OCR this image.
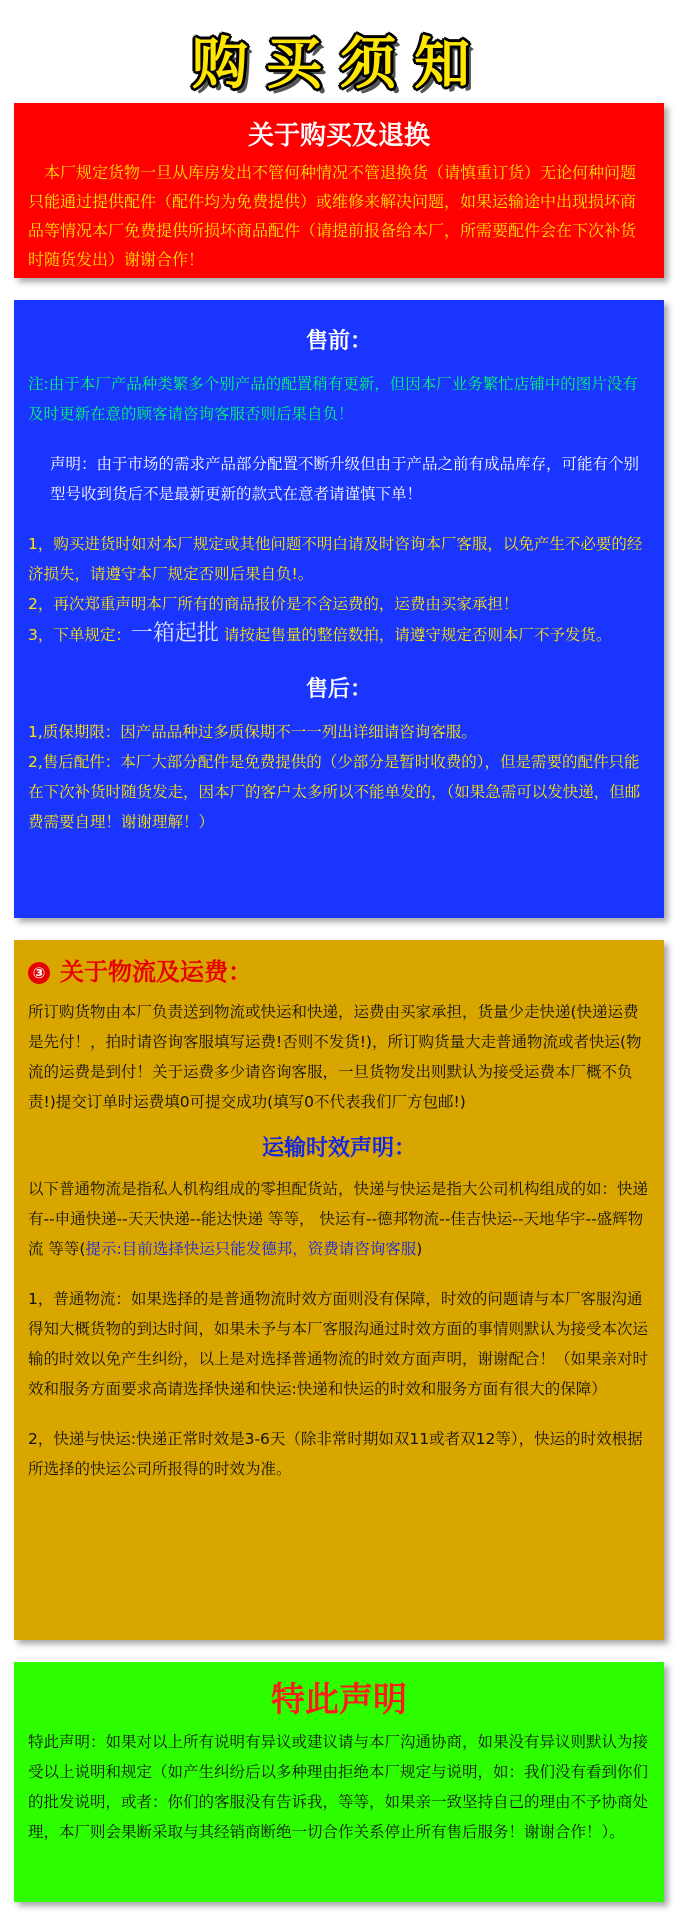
购买须知
关于购买及退换
本厂规定货物一旦从库房发出不管何种情况不管退换货（请慎重订货）无论何种问题只能通过提供配件（配件均为免费提供）或维修来解决问题，如果运输途中出现损坏商品等情况本厂免费提供所损坏商品配件（请提前报备给本厂，所需要配件会在下次补货时随货发出）谢谢合作！
售前：
注:由于本厂产品种类繁多个别产品的配置稍有更新，但因本厂业务繁忙店铺中的图片没有及时更新在意的顾客请咨询客服否则后果自负！
声明：由于市场的需求产品部分配置不断升级但由于产品之前有成品库存，可能有个别型号收到货后不是最新更新的款式在意者请谨慎下单！
1，购买进货时如对本厂规定或其他问题不明白请及时咨询本厂客服，以免产生不必要的经济损失，请遵守本厂规定否则后果自负!。
2，再次郑重声明本厂所有的商品报价是不含运费的，运费由买家承担！
3，下单规定：一箱起批 请按起售量的整倍数拍，请遵守规定否则本厂不予发货。
售后：
1,质保期限：因产品品种过多质保期不一一列出详细请咨询客服。
2,售后配件：本厂大部分配件是免费提供的（少部分是暂时收费的），但是需要的配件只能在下次补货时随货发走，因本厂的客户太多所以不能单发的，（如果急需可以发快递，但邮费需要自理！谢谢理解！）
③ 关于物流及运费：
所订购货物由本厂负责送到物流或快运和快递，运费由买家承担，货量少走快递(快递运费是先付！，拍时请咨询客服填写运费!否则不发货!)，所订购货量大走普通物流或者快运(物流的运费是到付！关于运费多少请咨询客服，一旦货物发出则默认为接受运费本厂概不负责!)提交订单时运费填0可提交成功(填写0不代表我们厂方包邮!)
运输时效声明：
以下普通物流是指私人机构组成的零担配货站，快递与快运是指大公司机构组成的如：快递有--申通快递--天天快递--能达快递 等等， 快运有--德邦物流--佳吉快运--天地华宇--盛辉物流 等等(提示:目前选择快运只能发德邦，资费请咨询客服)
1，普通物流：如果选择的是普通物流时效方面则没有保障，时效的问题请与本厂客服沟通得知大概货物的到达时间，如果未予与本厂客服沟通过时效方面的事情则默认为接受本次运输的时效以免产生纠纷，以上是对选择普通物流的时效方面声明，谢谢配合！（如果亲对时效和服务方面要求高请选择快递和快运:快递和快运的时效和服务方面有很大的保障）
2，快递与快运:快递正常时效是3-6天（除非常时期如双11或者双12等），快运的时效根据所选择的快运公司所报得的时效为准。
特此声明
特此声明：如果对以上所有说明有异议或建议请与本厂沟通协商，如果没有异议则默认为接受以上说明和规定（如产生纠纷后以多种理由拒绝本厂规定与说明，如：我们没有看到你们的批发说明，或者：你们的客服没有告诉我，等等，如果亲一致坚持自己的理由不予协商处理，本厂则会果断采取与其经销商断绝一切合作关系停止所有售后服务！谢谢合作！）。
